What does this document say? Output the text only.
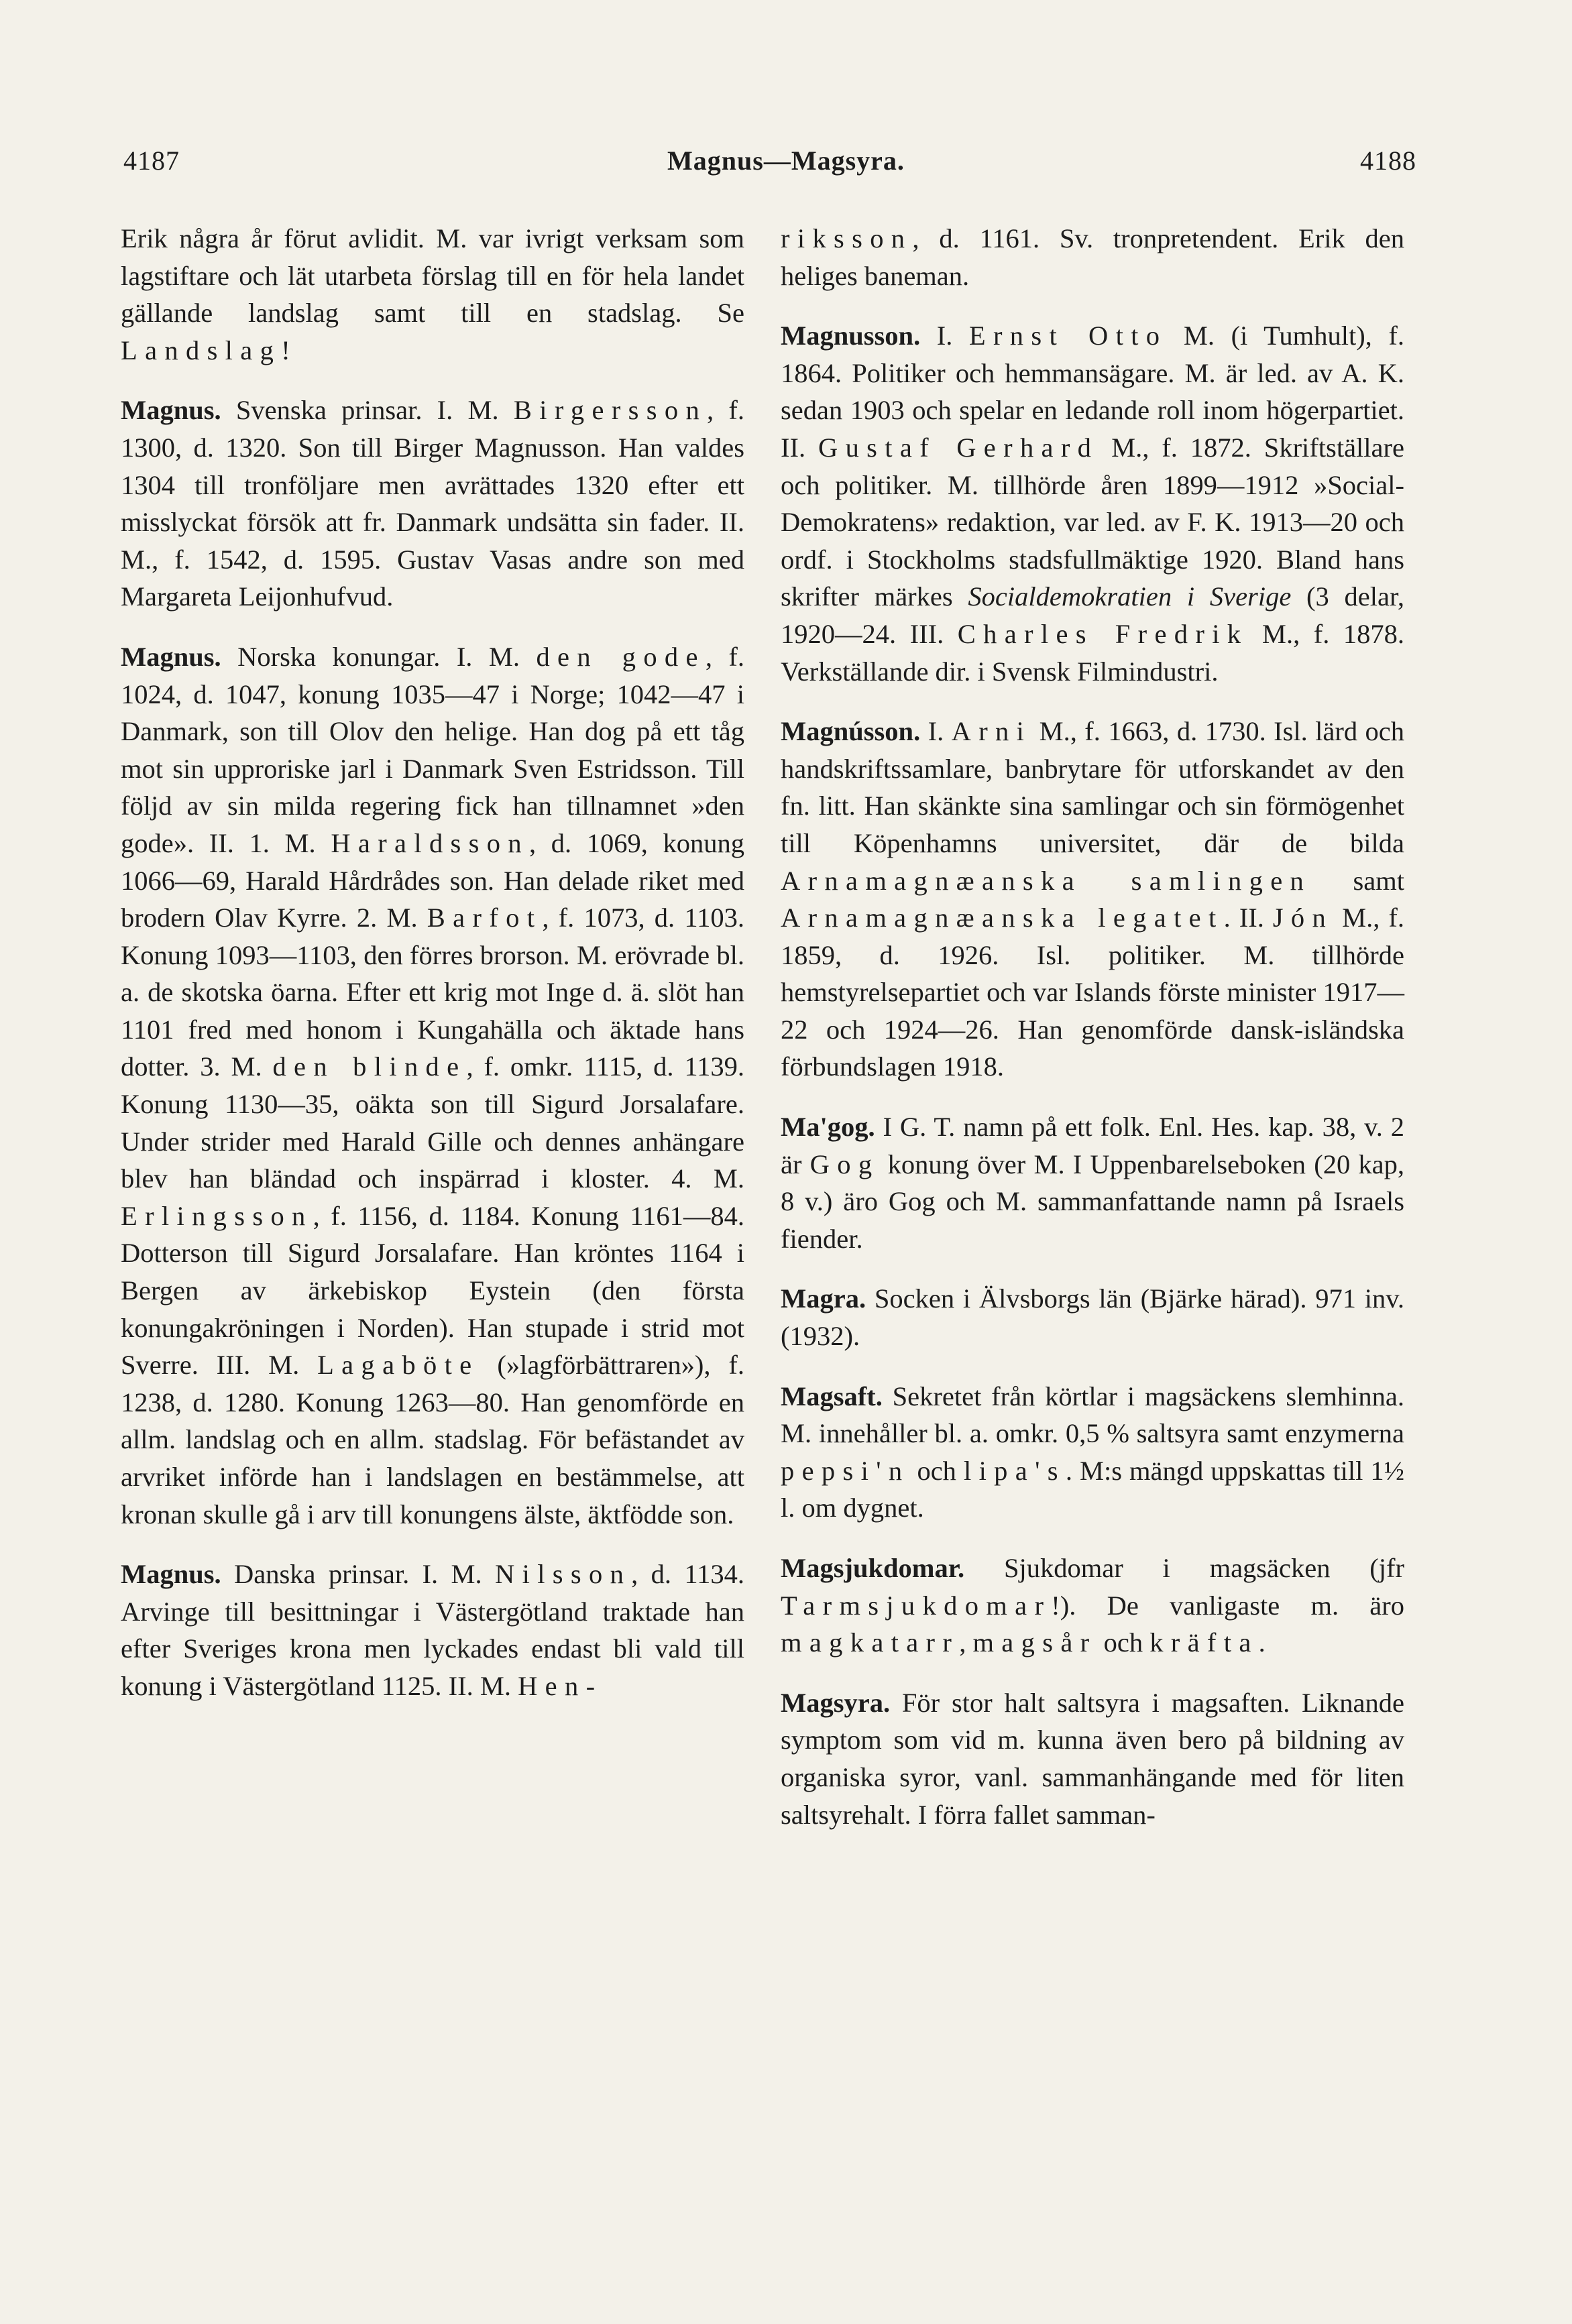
4187	Magnus—Magsyra.	4188

Erik några år förut avlidit. M. var ivrigt verksam som lagstiftare och lät utarbeta förslag till en för hela landet gällande landslag samt till en stadslag. Se Landslag!

Magnus. Svenska prinsar. I. M. Birgersson, f. 1300, d. 1320. Son till Birger Magnusson. Han valdes 1304 till tronföljare men avrättades 1320 efter ett misslyckat försök att fr. Danmark undsätta sin fader. II. M., f. 1542, d. 1595. Gustav Vasas andre son med Margareta Leijonhufvud.

Magnus. Norska konungar. I. M. den gode, f. 1024, d. 1047, konung 1035—47 i Norge; 1042—47 i Danmark, son till Olov den helige. Han dog på ett tåg mot sin upproriske jarl i Danmark Sven Estridsson. Till följd av sin milda regering fick han tillnamnet »den gode». II. 1. M. Haraldsson, d. 1069, konung 1066—69, Harald Hårdrådes son. Han delade riket med brodern Olav Kyrre. 2. M. Barfot, f. 1073, d. 1103. Konung 1093—1103, den förres brorson. M. erövrade bl. a. de skotska öarna. Efter ett krig mot Inge d. ä. slöt han 1101 fred med honom i Kungahälla och äktade hans dotter. 3. M. den blinde, f. omkr. 1115, d. 1139. Konung 1130—35, oäkta son till Sigurd Jorsalafare. Under strider med Harald Gille och dennes anhängare blev han bländad och inspärrad i kloster. 4. M. Erlingsson, f. 1156, d. 1184. Konung 1161—84. Dotterson till Sigurd Jorsalafare. Han kröntes 1164 i Bergen av ärkebiskop Eystein (den första konungakröningen i Norden). Han stupade i strid mot Sverre. III. M. Lagaböte (»lagförbättraren»), f. 1238, d. 1280. Konung 1263—80. Han genomförde en allm. landslag och en allm. stadslag. För befästandet av arvriket införde han i landslagen en bestämmelse, att kronan skulle gå i arv till konungens älste, äktfödde son.

Magnus. Danska prinsar. I. M. Nilsson, d. 1134. Arvinge till besittningar i Västergötland traktade han efter Sveriges krona men lyckades endast bli vald till konung i Västergötland 1125. II. M. Hen-

riksson, d. 1161. Sv. tronpretendent. Erik den heliges baneman.

Magnusson. I. Ernst Otto M. (i Tumhult), f. 1864. Politiker och hemmansägare. M. är led. av A. K. sedan 1903 och spelar en ledande roll inom högerpartiet. II. Gustaf Gerhard M., f. 1872. Skriftställare och politiker. M. tillhörde åren 1899—1912 »Social-Demokratens» redaktion, var led. av F. K. 1913—20 och ordf. i Stockholms stadsfullmäktige 1920. Bland hans skrifter märkes Socialdemokratien i Sverige (3 delar, 1920—24. III. Charles Fredrik M., f. 1878. Verkställande dir. i Svensk Filmindustri.

Magnússon. I. Arni M., f. 1663, d. 1730. Isl. lärd och handskriftssamlare, banbrytare för utforskandet av den fn. litt. Han skänkte sina samlingar och sin förmögenhet till Köpenhamns universitet, där de bilda Arnamagnæanska samlingen samt Arnamagnæanska legatet. II. Jón M., f. 1859, d. 1926. Isl. politiker. M. tillhörde hemstyrelsepartiet och var Islands förste minister 1917—22 och 1924—26. Han genomförde dansk-isländska förbundslagen 1918.

Ma'gog. I G. T. namn på ett folk. Enl. Hes. kap. 38, v. 2 är Gog konung över M. I Uppenbarelseboken (20 kap, 8 v.) äro Gog och M. sammanfattande namn på Israels fiender.

Magra. Socken i Älvsborgs län (Bjärke härad). 971 inv. (1932).

Magsaft. Sekretet från körtlar i magsäckens slemhinna. M. innehåller bl. a. omkr. 0,5 % saltsyra samt enzymerna pepsi'n och lipa's. M:s mängd uppskattas till 1½ l. om dygnet.

Magsjukdomar. Sjukdomar i magsäcken (jfr Tarmsjukdomar!). De vanligaste m. äro magkatarr, magsår och kräfta.

Magsyra. För stor halt saltsyra i magsaften. Liknande symptom som vid m. kunna även bero på bildning av organiska syror, vanl. sammanhängande med för liten saltsyrehalt. I förra fallet samman-
